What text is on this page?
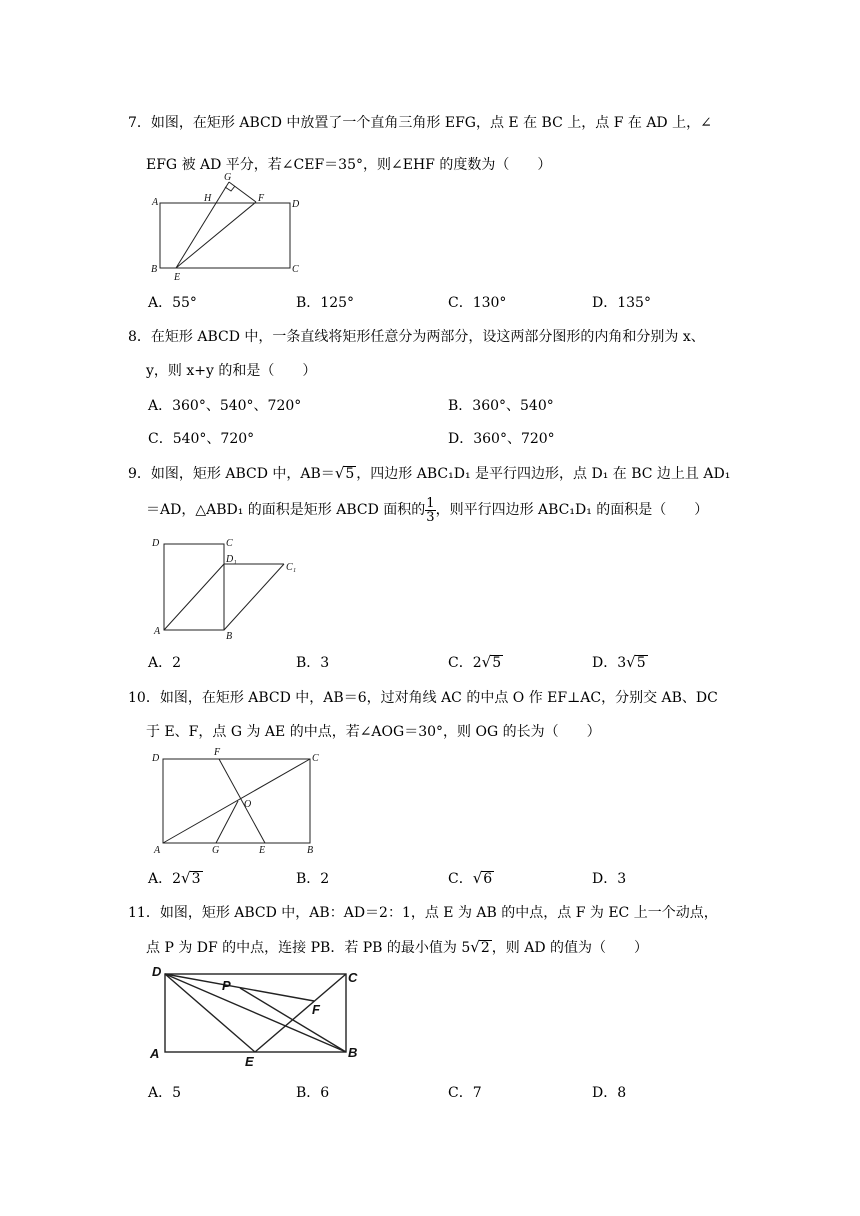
7．如图，在矩形 ABCD 中放置了一个直角三角形 EFG，点 E 在 BC 上，点 F 在 AD 上，∠
EFG 被 AD 平分，若∠CEF＝35°，则∠EHF 的度数为（　　）
G
H	F
A	D
B
E
C
A．55°	B．125°	C．130°	D．135°
8．在矩形 ABCD 中，一条直线将矩形任意分为两部分，设这两部分图形的内角和分别为 x、
y，则 x+y 的和是（　　）
A．360°、540°、720°	B．360°、540°
C．540°、720°	D．360°、720°
9．如图，矩形 ABCD 中，AB＝√5 ，四边形 ABC₁D₁ 是平行四边形，点 D₁ 在 BC 边上且 AD₁
＝AD，△ABD₁ 的面积是矩形 ABCD 面积的 $\frac{1}{3}$ ，则平行四边形 ABC₁D₁ 的面积是（　　）
D	C
D₁
C₁
A	B
A．2	B．3	C．2√5	D．3√5
10．如图，在矩形 ABCD 中，AB＝6，过对角线 AC 的中点 O 作 EF⊥AC，分别交 AB、DC
于 E、F，点 G 为 AE 的中点，若∠AOG＝30°，则 OG 的长为（　　）
D
F
C
O
A	G	E	B
A．2√3	B．2	C．√6	D．3
11．如图，矩形 ABCD 中，AB：AD＝2：1，点 E 为 AB 的中点，点 F 为 EC 上一个动点，
点 P 为 DF 的中点，连接 PB．若 PB 的最小值为 5√2 ，则 AD 的值为（　　）
D	C
P
F
A
E
B
A．5	B．6	C．7	D．8
